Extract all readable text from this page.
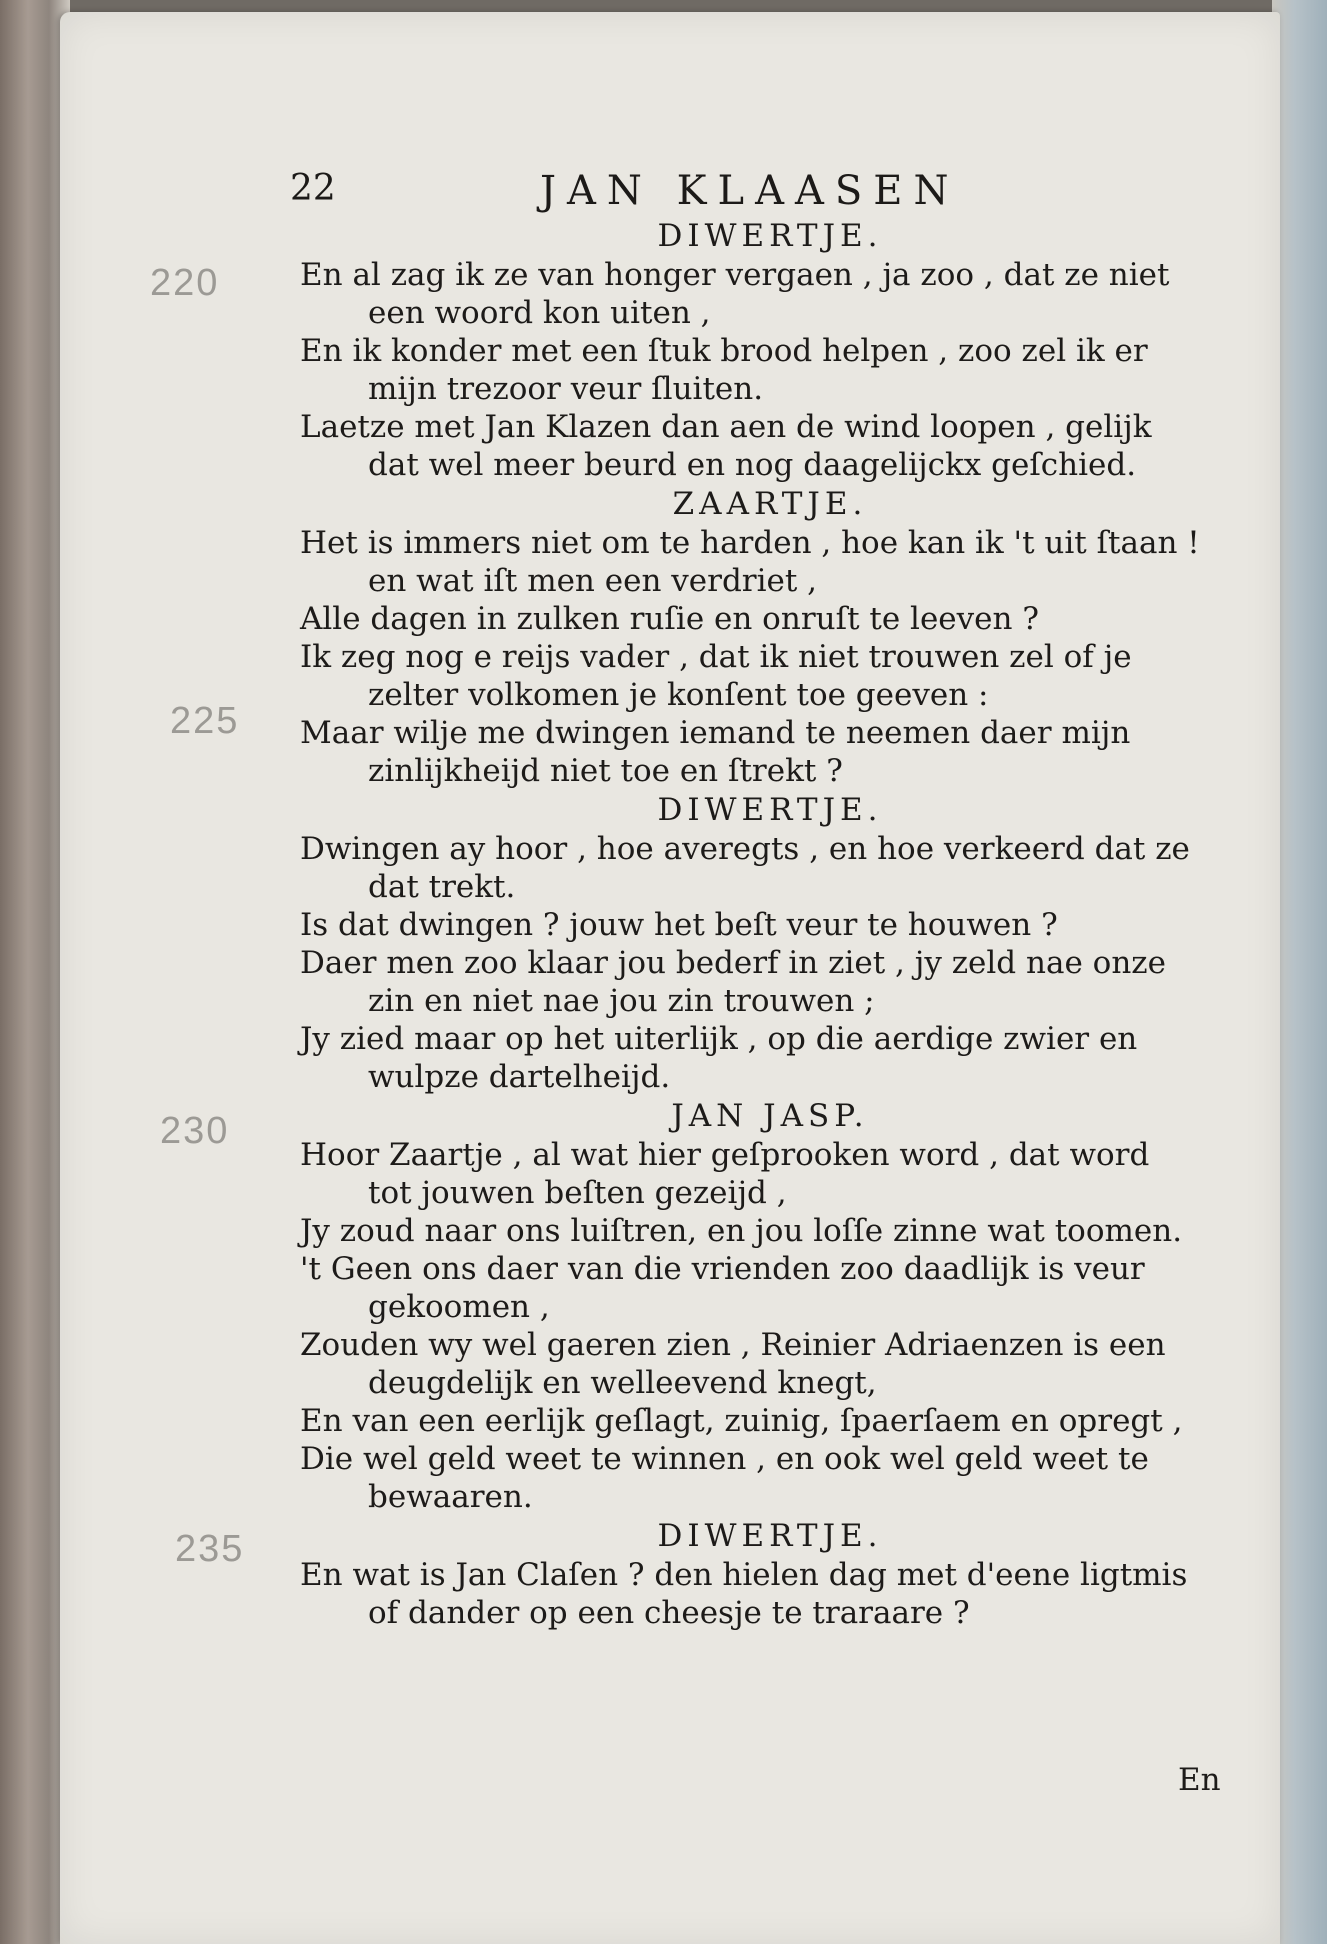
220
225
230
235
22	JAN KLAASEN
DIWERTJE.
En al zag ik ze van honger vergaen , ja zoo , dat ze niet
een woord kon uiten ,
En ik konder met een ſtuk brood helpen , zoo zel ik er
mijn trezoor veur ſluiten.
Laetze met Jan Klazen dan aen de wind loopen , gelijk
dat wel meer beurd en nog daagelijckx geſchied.
ZAARTJE.
Het is immers niet om te harden , hoe kan ik 't uit ſtaan !
en wat iſt men een verdriet ,
Alle dagen in zulken ruſie en onruſt te leeven ?
Ik zeg nog e reijs vader , dat ik niet trouwen zel of je
zelter volkomen je konſent toe geeven :
Maar wilje me dwingen iemand te neemen daer mijn
zinlijkheijd niet toe en ſtrekt ?
DIWERTJE.
Dwingen ay hoor , hoe averegts , en hoe verkeerd dat ze
dat trekt.
Is dat dwingen ? jouw het beſt veur te houwen ?
Daer men zoo klaar jou bederf in ziet , jy zeld nae onze
zin en niet nae jou zin trouwen ;
Jy zied maar op het uiterlijk , op die aerdige zwier en
wulpze dartelheijd.
JAN JASP.
Hoor Zaartje , al wat hier geſprooken word , dat word
tot jouwen beſten gezeijd ,
Jy zoud naar ons luiſtren, en jou loſſe zinne wat toomen.
't Geen ons daer van die vrienden zoo daadlijk is veur
gekoomen ,
Zouden wy wel gaeren zien , Reinier Adriaenzen is een
deugdelijk en welleevend knegt,
En van een eerlijk geſlagt, zuinig, ſpaerſaem en opregt ,
Die wel geld weet te winnen , en ook wel geld weet te
bewaaren.
DIWERTJE.
En wat is Jan Claſen ? den hielen dag met d'eene ligtmis
of dander op een cheesje te traraare ?
En
